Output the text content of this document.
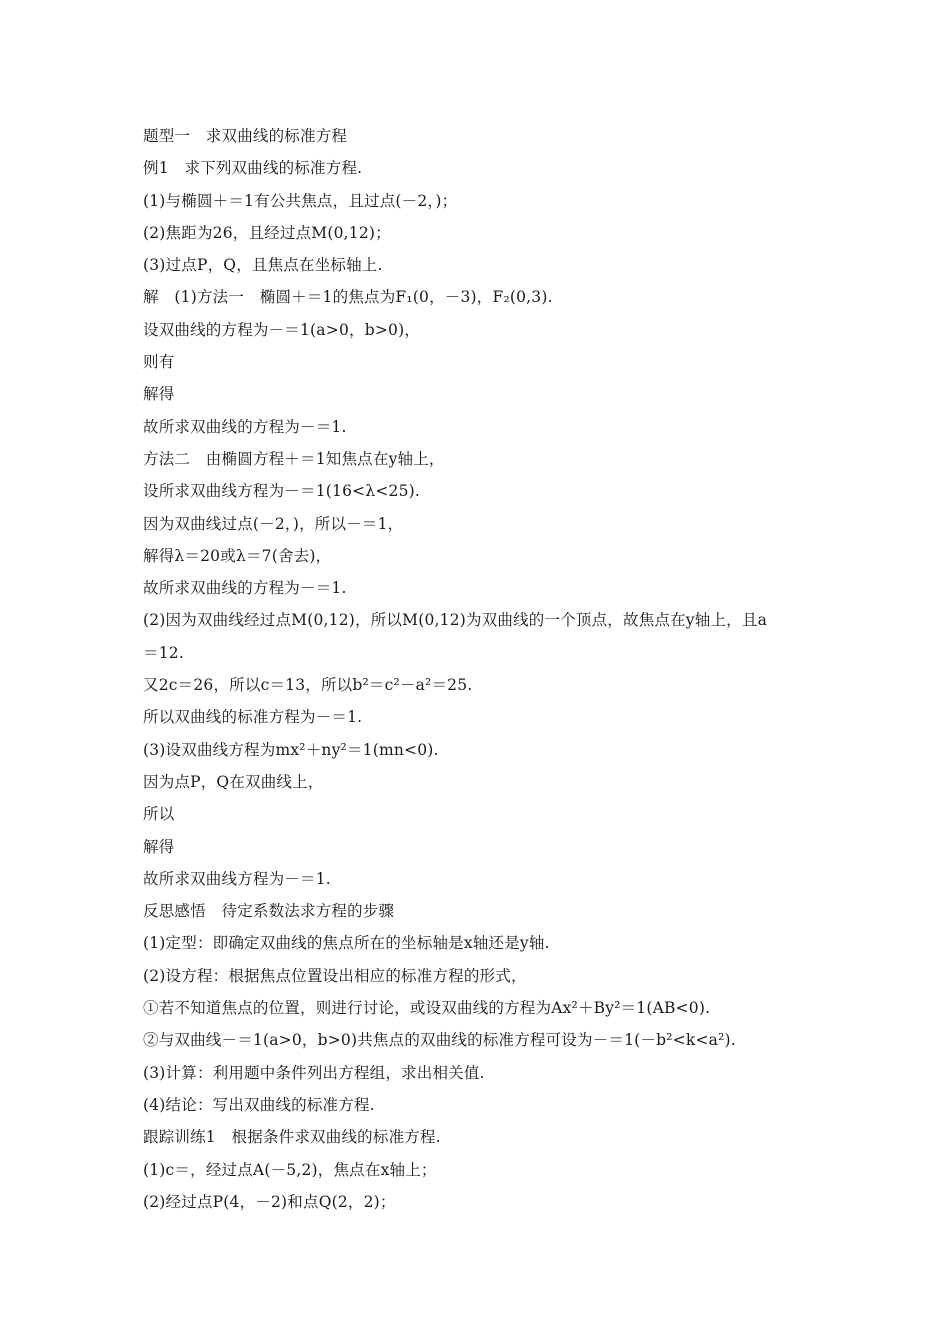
题型一　求双曲线的标准方程
例1　求下列双曲线的标准方程.
(1)与椭圆＋＝1有公共焦点，且过点(－2，)；
(2)焦距为26，且经过点M(0,12)；
(3)过点P，Q，且焦点在坐标轴上.
解　(1)方法一　椭圆＋＝1的焦点为F₁(0，－3)，F₂(0,3).
设双曲线的方程为－＝1(a>0，b>0)，
则有
解得
故所求双曲线的方程为－＝1.
方法二　由椭圆方程＋＝1知焦点在y轴上，
设所求双曲线方程为－＝1(16<λ<25).
因为双曲线过点(－2，)，所以－＝1，
解得λ＝20或λ＝7(舍去)，
故所求双曲线的方程为－＝1.
(2)因为双曲线经过点M(0,12)，所以M(0,12)为双曲线的一个顶点，故焦点在y轴上，且a
＝12.
又2c＝26，所以c＝13，所以b²＝c²－a²＝25.
所以双曲线的标准方程为－＝1.
(3)设双曲线方程为mx²＋ny²＝1(mn<0).
因为点P，Q在双曲线上，
所以
解得
故所求双曲线方程为－＝1.
反思感悟　待定系数法求方程的步骤
(1)定型：即确定双曲线的焦点所在的坐标轴是x轴还是y轴.
(2)设方程：根据焦点位置设出相应的标准方程的形式，
①若不知道焦点的位置，则进行讨论，或设双曲线的方程为Ax²＋By²＝1(AB<0).
②与双曲线－＝1(a>0，b>0)共焦点的双曲线的标准方程可设为－＝1(－b²<k<a²).
(3)计算：利用题中条件列出方程组，求出相关值.
(4)结论：写出双曲线的标准方程.
跟踪训练1　根据条件求双曲线的标准方程.
(1)c＝，经过点A(－5,2)，焦点在x轴上；
(2)经过点P(4，－2)和点Q(2，2)；
